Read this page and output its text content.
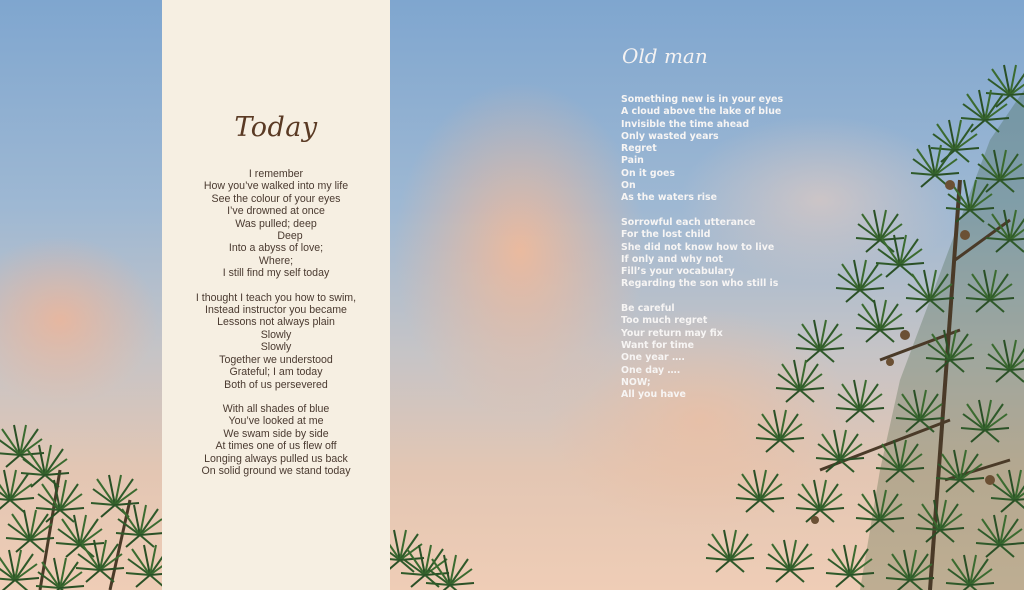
Today
I remember
How you’ve walked into my life
See the colour of your eyes
I’ve drowned at once
Was pulled; deep
Deep
Into a abyss of love;
Where;
I still find my self today
I thought I teach you how to swim,
Instead instructor you became
Lessons not always plain
Slowly
Slowly
Together we understood
Grateful; I am today
Both of us persevered
With all shades of blue
You’ve looked at me
We swam side by side
At times one of us flew off
Longing always pulled us back
On solid ground we stand today
Old man
Something new is in your eyes
A cloud above the lake of blue
Invisible the time ahead
Only wasted years
Regret
Pain
On it goes
On
As the waters rise
Sorrowful each utterance
For the lost child
She did not know how to live
If only and why not
Fill’s your vocabulary
Regarding the son who still is
Be careful
Too much regret
Your return may fix
Want for time
One year ….
One day ….
NOW;
All you have
